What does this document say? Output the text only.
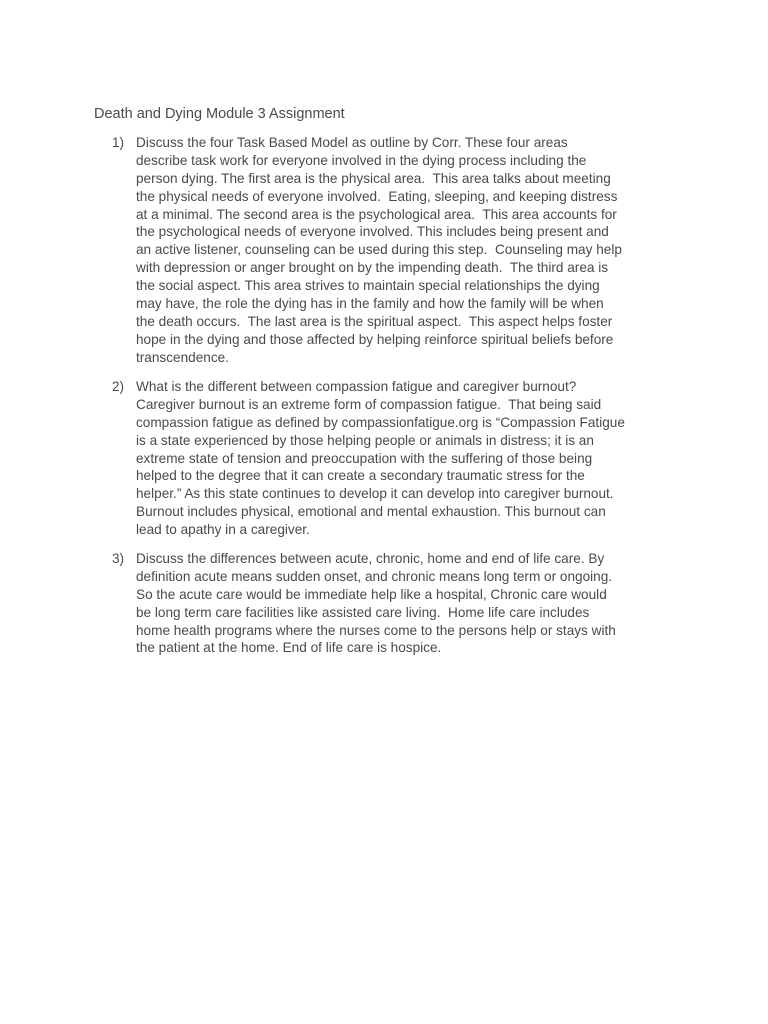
Death and Dying Module 3 Assignment
1) Discuss the four Task Based Model as outline by Corr. These four areas
describe task work for everyone involved in the dying process including the
person dying. The first area is the physical area.  This area talks about meeting
the physical needs of everyone involved.  Eating, sleeping, and keeping distress
at a minimal. The second area is the psychological area.  This area accounts for
the psychological needs of everyone involved. This includes being present and
an active listener, counseling can be used during this step.  Counseling may help
with depression or anger brought on by the impending death.  The third area is
the social aspect. This area strives to maintain special relationships the dying
may have, the role the dying has in the family and how the family will be when
the death occurs.  The last area is the spiritual aspect.  This aspect helps foster
hope in the dying and those affected by helping reinforce spiritual beliefs before
transcendence.
2) What is the different between compassion fatigue and caregiver burnout?
Caregiver burnout is an extreme form of compassion fatigue.  That being said
compassion fatigue as defined by compassionfatigue.org is “Compassion Fatigue
is a state experienced by those helping people or animals in distress; it is an
extreme state of tension and preoccupation with the suffering of those being
helped to the degree that it can create a secondary traumatic stress for the
helper.” As this state continues to develop it can develop into caregiver burnout.
Burnout includes physical, emotional and mental exhaustion. This burnout can
lead to apathy in a caregiver.
3) Discuss the differences between acute, chronic, home and end of life care. By
definition acute means sudden onset, and chronic means long term or ongoing.
So the acute care would be immediate help like a hospital, Chronic care would
be long term care facilities like assisted care living.  Home life care includes
home health programs where the nurses come to the persons help or stays with
the patient at the home. End of life care is hospice.
